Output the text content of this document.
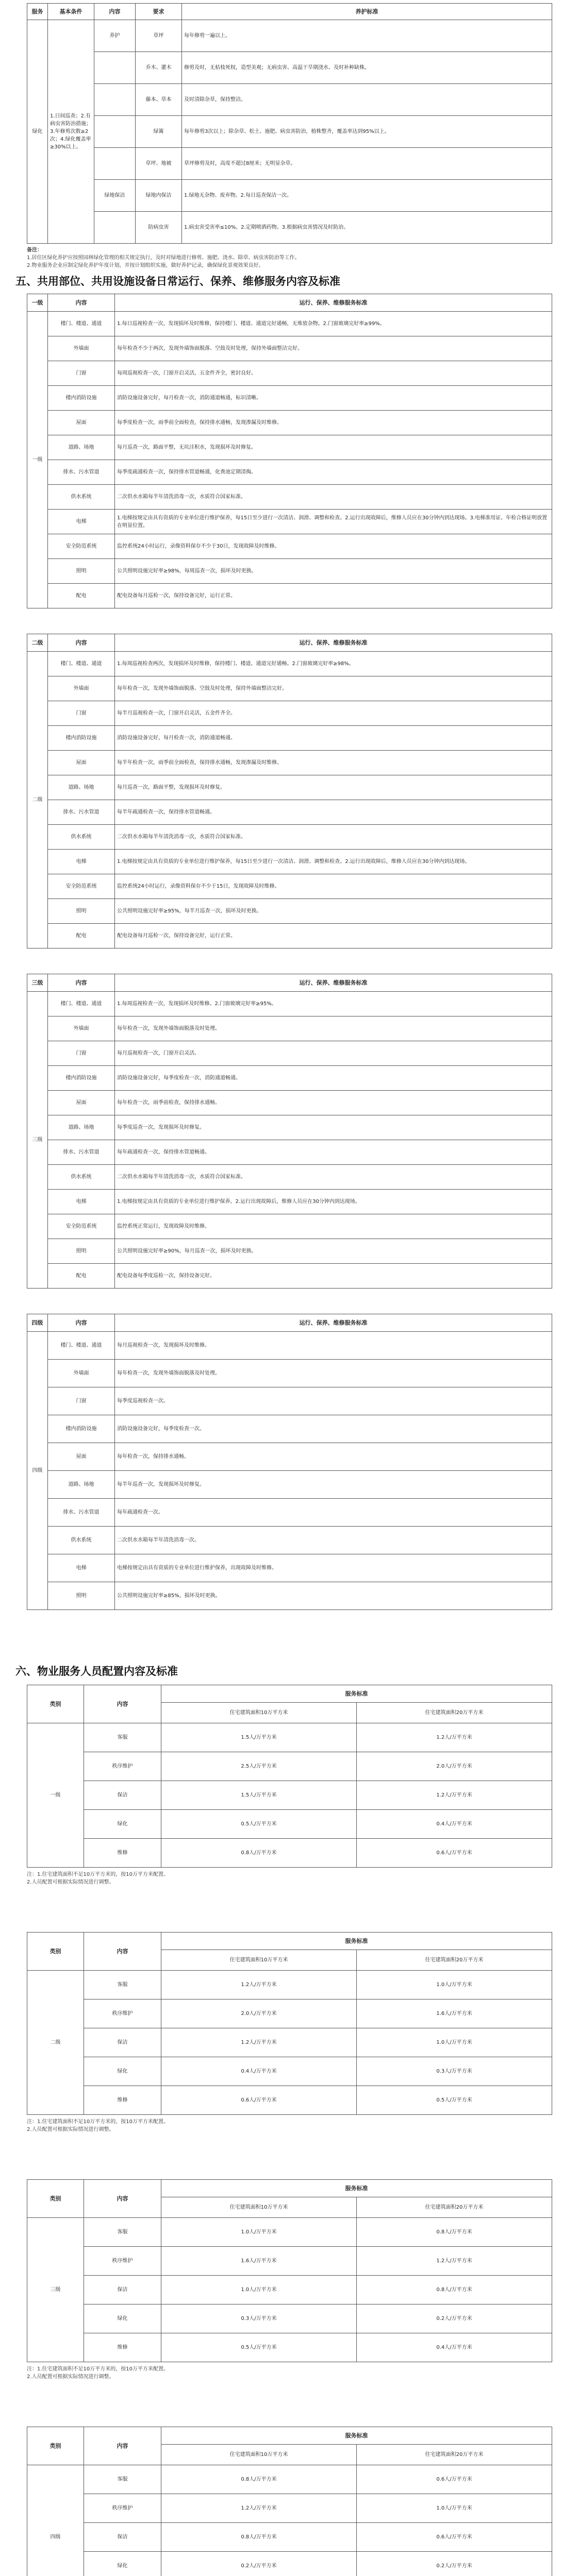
服务	基本条件	内容	要求	养护标准
绿化	1.日间巡查；2.有病虫害防治措施；3.年修剪次数≥2次；4.绿化覆盖率≥30%以上。	养护	草坪	每年修剪一遍以上。
			乔木、灌木	修剪及时，无枯枝死杈，造型美观；无病虫害、高温干旱期浇水、及时补种缺株。
			藤本、草本	及时清除杂草，保持整洁。
			绿篱	每年修剪3次以上；除杂草、松土、施肥、病虫害防治，植株整齐，覆盖率达到95%以上。
			草坪、地被	草坪修剪及时，高度不超过8厘米；无明显杂草。
		绿地保洁	绿地内保洁	1.绿地无杂物、废弃物。2.每日巡查保洁一次。
			防病虫害	1.病虫害受害率≤10%。2.定期喷洒药物。3.根据病虫害情况及时防治。

备注：

1.居住区绿化养护应按照园林绿化管理的相关规定执行，及时对绿地进行修剪、施肥、浇水、除草、病虫害防治等工作。

2.物业服务企业应制定绿化养护年度计划，并按计划组织实施，做好养护记录，确保绿化景观效果良好。

五、共用部位、共用设施设备日常运行、保养、维修服务内容及标准
一级	内容	运行、保养、维修服务标准
一级	楼门、楼道、通道	1.每日巡视检查一次，发现损坏及时维修，保持楼门、楼道、通道完好通畅，无堆放杂物。2.门窗玻璃完好率≥99%。
	外墙面	每年检查不少于两次，发现外墙饰面脱落、空鼓及时处理，保持外墙面整洁完好。
	门窗	每周巡视检查一次，门窗开启灵活，五金件齐全，密封良好。
	楼内消防设施	消防设施设备完好，每月检查一次，消防通道畅通，标识清晰。
	屋面	每季度检查一次，雨季前全面检查，保持排水通畅，发现渗漏及时维修。
	道路、场地	每月巡查一次，路面平整，无坑洼积水，发现损坏及时修复。
	排水、污水管道	每季度疏通检查一次，保持排水管道畅通，化粪池定期清掏。
	供水系统	二次供水水箱每半年清洗消毒一次，水质符合国家标准。
	电梯	1.电梯按规定由具有资质的专业单位进行维护保养，每15日至少进行一次清洁、润滑、调整和检查。2.运行出现故障后，维修人员应在30分钟内到达现场。3.电梯准用证、年检合格证明放置在明显位置。
	安全防范系统	监控系统24小时运行，录像资料保存不少于30日，发现故障及时维修。
	照明	公共照明设施完好率≥98%，每周巡查一次，损坏及时更换。
	配电	配电设备每月巡检一次，保持设备完好，运行正常。
二级	内容	运行、保养、维修服务标准
二级	楼门、楼道、通道	1.每周巡视检查两次，发现损坏及时维修，保持楼门、楼道、通道完好通畅。2.门窗玻璃完好率≥98%。
	外墙面	每年检查一次，发现外墙饰面脱落、空鼓及时处理，保持外墙面整洁完好。
	门窗	每半月巡视检查一次，门窗开启灵活，五金件齐全。
	楼内消防设施	消防设施设备完好，每月检查一次，消防通道畅通。
	屋面	每半年检查一次，雨季前全面检查，保持排水通畅，发现渗漏及时维修。
	道路、场地	每月巡查一次，路面平整，发现损坏及时修复。
	排水、污水管道	每半年疏通检查一次，保持排水管道畅通。
	供水系统	二次供水水箱每半年清洗消毒一次，水质符合国家标准。
	电梯	1.电梯按规定由具有资质的专业单位进行维护保养，每15日至少进行一次清洁、润滑、调整和检查。2.运行出现故障后，维修人员应在30分钟内到达现场。
	安全防范系统	监控系统24小时运行，录像资料保存不少于15日，发现故障及时维修。
	照明	公共照明设施完好率≥95%，每半月巡查一次，损坏及时更换。
	配电	配电设备每月巡检一次，保持设备完好，运行正常。
三级	内容	运行、保养、维修服务标准
三级	楼门、楼道、通道	1.每周巡视检查一次，发现损坏及时维修。2.门窗玻璃完好率≥95%。
	外墙面	每年检查一次，发现外墙饰面脱落及时处理。
	门窗	每月巡视检查一次，门窗开启灵活。
	楼内消防设施	消防设施设备完好，每季度检查一次，消防通道畅通。
	屋面	每年检查一次，雨季前检查，保持排水通畅。
	道路、场地	每季度巡查一次，发现损坏及时修复。
	排水、污水管道	每年疏通检查一次，保持排水管道畅通。
	供水系统	二次供水水箱每半年清洗消毒一次，水质符合国家标准。
	电梯	1.电梯按规定由具有资质的专业单位进行维护保养。2.运行出现故障后，维修人员应在30分钟内到达现场。
	安全防范系统	监控系统正常运行，发现故障及时维修。
	照明	公共照明设施完好率≥90%，每月巡查一次，损坏及时更换。
	配电	配电设备每季度巡检一次，保持设备完好。
四级	内容	运行、保养、维修服务标准
四级	楼门、楼道、通道	每月巡视检查一次，发现损坏及时维修。
	外墙面	每年检查一次，发现外墙饰面脱落及时处理。
	门窗	每季度巡视检查一次。
	楼内消防设施	消防设施设备完好，每季度检查一次。
	屋面	每年检查一次，保持排水通畅。
	道路、场地	每半年巡查一次，发现损坏及时修复。
	排水、污水管道	每年疏通检查一次。
	供水系统	二次供水水箱每半年清洗消毒一次。
	电梯	电梯按规定由具有资质的专业单位进行维护保养，出现故障及时维修。
	照明	公共照明设施完好率≥85%，损坏及时更换。
六、物业服务人员配置内容及标准
类别	内容	服务标准	
		住宅建筑面积10万平方米	住宅建筑面积20万平方米
一级	客服	1.5人/万平方米	1.2人/万平方米
	秩序维护	2.5人/万平方米	2.0人/万平方米
	保洁	1.5人/万平方米	1.2人/万平方米
	绿化	0.5人/万平方米	0.4人/万平方米
	维修	0.8人/万平方米	0.6人/万平方米

注：1.住宅建筑面积不足10万平方米的，按10万平方米配置。

2.人员配置可根据实际情况进行调整。

类别	内容	服务标准	
		住宅建筑面积10万平方米	住宅建筑面积20万平方米
二级	客服	1.2人/万平方米	1.0人/万平方米
	秩序维护	2.0人/万平方米	1.6人/万平方米
	保洁	1.2人/万平方米	1.0人/万平方米
	绿化	0.4人/万平方米	0.3人/万平方米
	维修	0.6人/万平方米	0.5人/万平方米

注：1.住宅建筑面积不足10万平方米的，按10万平方米配置。

2.人员配置可根据实际情况进行调整。

类别	内容	服务标准	
		住宅建筑面积10万平方米	住宅建筑面积20万平方米
三级	客服	1.0人/万平方米	0.8人/万平方米
	秩序维护	1.6人/万平方米	1.2人/万平方米
	保洁	1.0人/万平方米	0.8人/万平方米
	绿化	0.3人/万平方米	0.2人/万平方米
	维修	0.5人/万平方米	0.4人/万平方米

注：1.住宅建筑面积不足10万平方米的，按10万平方米配置。

2.人员配置可根据实际情况进行调整。

类别	内容	服务标准	
		住宅建筑面积10万平方米	住宅建筑面积20万平方米
四级	客服	0.8人/万平方米	0.6人/万平方米
	秩序维护	1.2人/万平方米	1.0人/万平方米
	保洁	0.8人/万平方米	0.6人/万平方米
	绿化	0.2人/万平方米	0.2人/万平方米
